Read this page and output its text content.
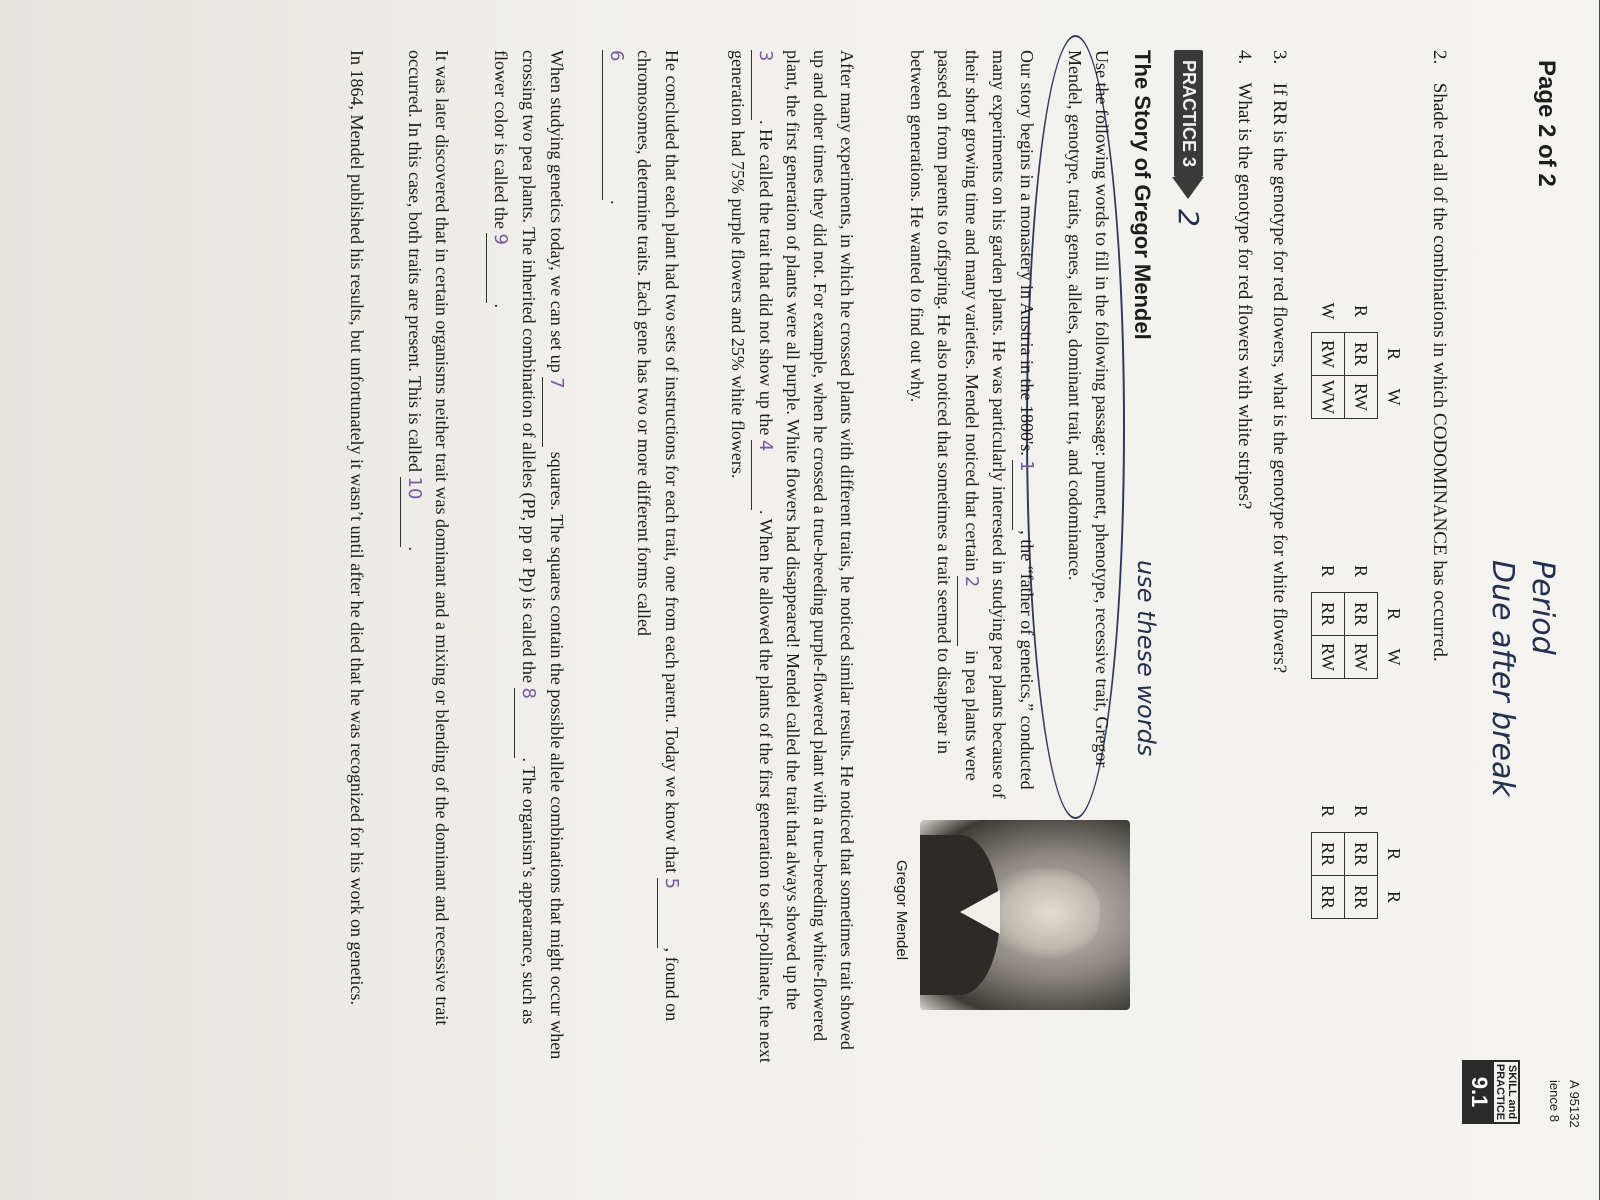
Period
Due after break
A 95132
ience 8
Page 2 of 2
SKILL and
PRACTICE
9.1
2. Shade red all of the combinations in which CODOMINANCE has occurred.
	R	W
R	RR	RW
W	RW	WW
	R	W
R	RR	RW
R	RR	RW
	R	R
R	RR	RR
R	RR	RR
3. If RR is the genotype for red flowers, what is the genotype for white flowers?
4. What is the genotype for red flowers with white stripes?
PRACTICE 3
2
The Story of Gregor Mendel
use these words
Use the following words to fill in the following passage: punnett, phenotype, recessive trait, Gregor Mendel, genotype, traits, genes, alleles, dominant trait, and codominance.
Gregor Mendel
Our story begins in a monastery in Austria in the 1800's. 1, the “father of genetics,” conducted many experiments on his garden plants. He was particularly interested in studying pea plants because of their short growing time and many varieties. Mendel noticed that certain 2 in pea plants were passed on from parents to offspring. He also noticed that sometimes a trait seemed to disappear in between generations. He wanted to find out why.
After many experiments, in which he crossed plants with different traits, he noticed similar results. He noticed that sometimes trait showed up and other times they did not. For example, when he crossed a true-breeding purple-flowered plant with a true-breeding white-flowered plant, the first generation of plants were all purple. White flowers had disappeared! Mendel called the trait that always showed up the 3. He called the trait that did not show up the 4. When he allowed the plants of the first generation to self-pollinate, the next generation had 75% purple flowers and 25% white flowers.
He concluded that each plant had two sets of instructions for each trait, one from each parent. Today we know that 5, found on chromosomes, determine traits. Each gene has two or more different forms called
6.
When studying genetics today, we can set up 7 squares. The squares contain the possible allele combinations that might occur when crossing two pea plants. The inherited combination of alleles (PP, pp or Pp) is called the 8. The organism’s appearance, such as flower color is called the 9.
It was later discovered that in certain organisms neither trait was dominant and a mixing or blending of the dominant and recessive trait occurred. In this case, both traits are present. This is called 10.
In 1864, Mendel published his results, but unfortunately it wasn’t until after he died that he was recognized for his work on genetics.
